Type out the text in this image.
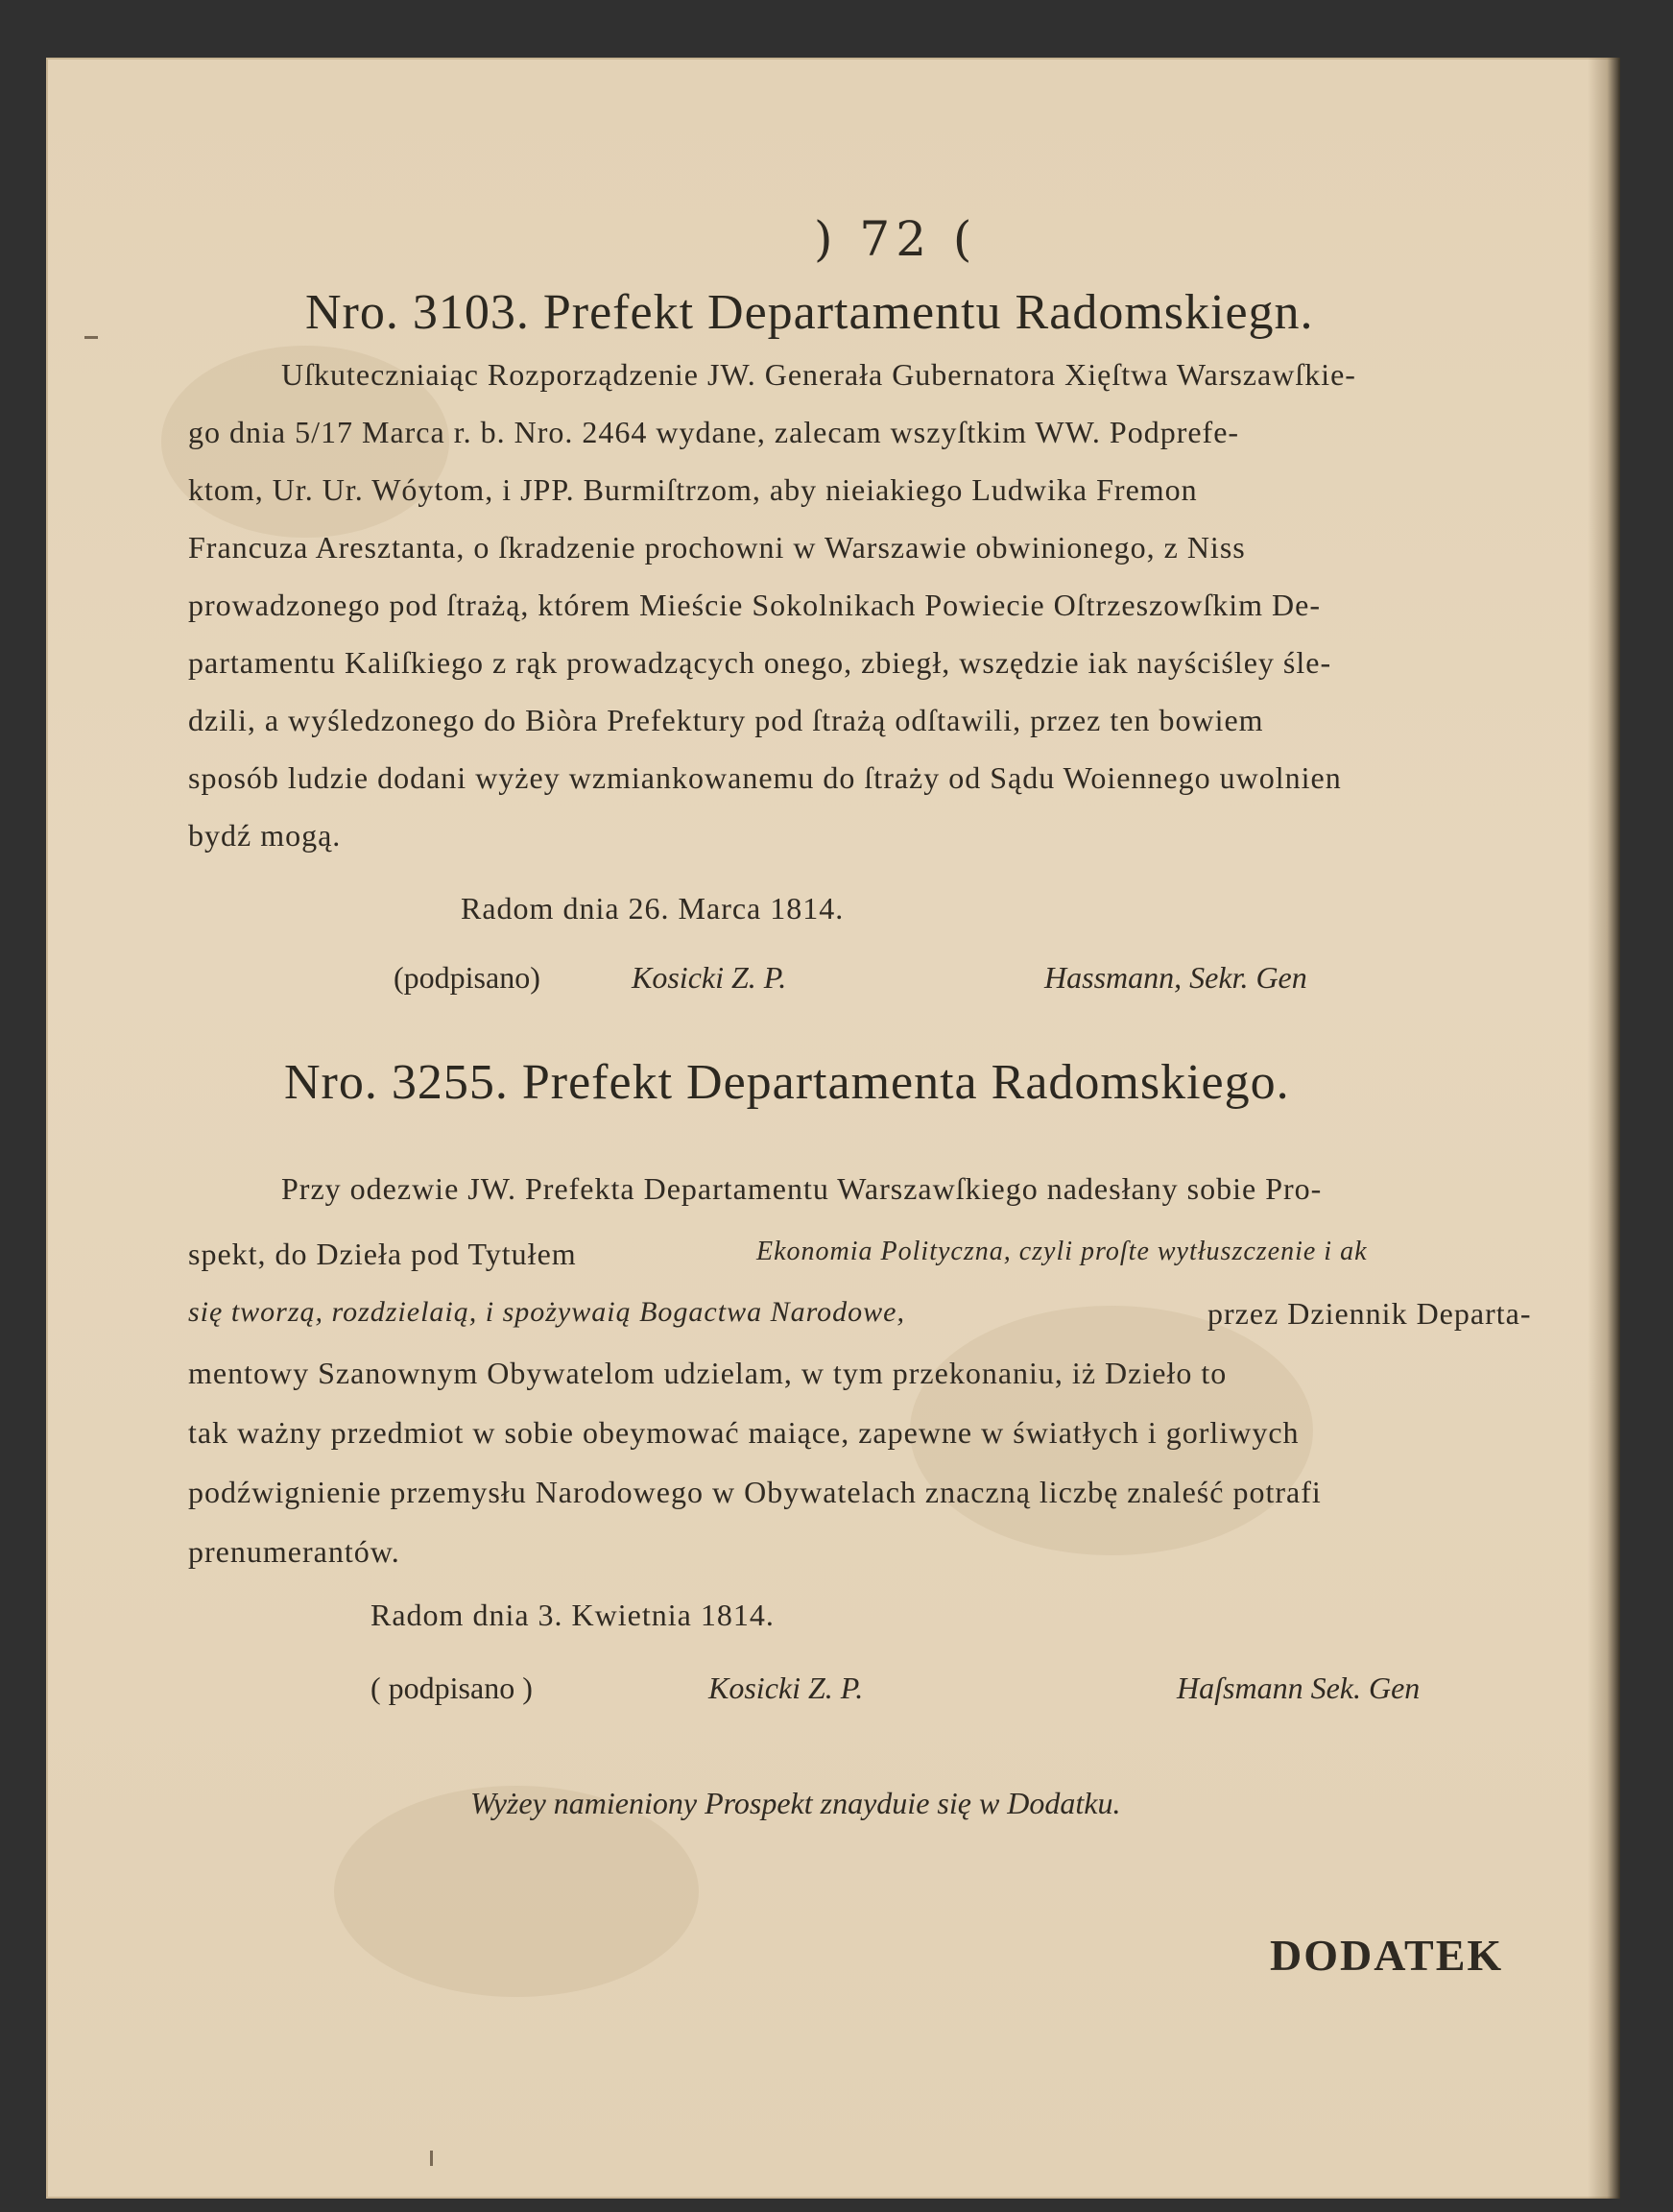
) 72 (
Nro. 3103. Prefekt Departamentu Radomskiegn.
Uſkuteczniaiąc Rozporządzenie JW. Generała Gubernatora Xięſtwa Warszawſkie-
go dnia 5/17 Marca r. b. Nro. 2464 wydane, zalecam wszyſtkim WW. Podprefe-
ktom, Ur. Ur. Wóytom, i JPP. Burmiſtrzom, aby nieiakiego Ludwika Fremon
Francuza Aresztanta, o ſkradzenie prochowni w Warszawie obwinionego, z Niss
prowadzonego pod ſtrażą, którem Mieście Sokolnikach Powiecie Oſtrzeszowſkim De-
partamentu Kaliſkiego z rąk prowadzących onego, zbiegł, wszędzie iak nayściśley śle-
dzili, a wyśledzonego do Biòra Prefektury pod ſtrażą odſtawili, przez ten bowiem
sposób ludzie dodani wyżey wzmiankowanemu do ſtraży od Sądu Woiennego uwolnien
bydź mogą.
Radom dnia 26. Marca 1814.
(podpisano)	Kosicki Z. P.	Hassmann, Sekr. Gen
Nro. 3255. Prefekt Departamenta Radomskiego.
Przy odezwie JW. Prefekta Departamentu Warszawſkiego nadesłany sobie Pro-
spekt, do Dzieła pod Tytułem	Ekonomia Polityczna, czyli proſte wytłuszczenie i ak
się tworzą, rozdzielaią, i spożywaią Bogactwa Narodowe,	przez Dziennik Departa-
mentowy Szanownym Obywatelom udzielam, w tym przekonaniu, iż Dzieło to
tak ważny przedmiot w sobie obeymować maiące, zapewne w światłych i gorliwych
podźwignienie przemysłu Narodowego w Obywatelach znaczną liczbę znaleść potrafi
prenumerantów.
Radom dnia 3. Kwietnia 1814.
( podpisano )	Kosicki Z. P.	Haſsmann Sek. Gen
Wyżey namieniony Prospekt znayduie się w Dodatku.
DODATEK
